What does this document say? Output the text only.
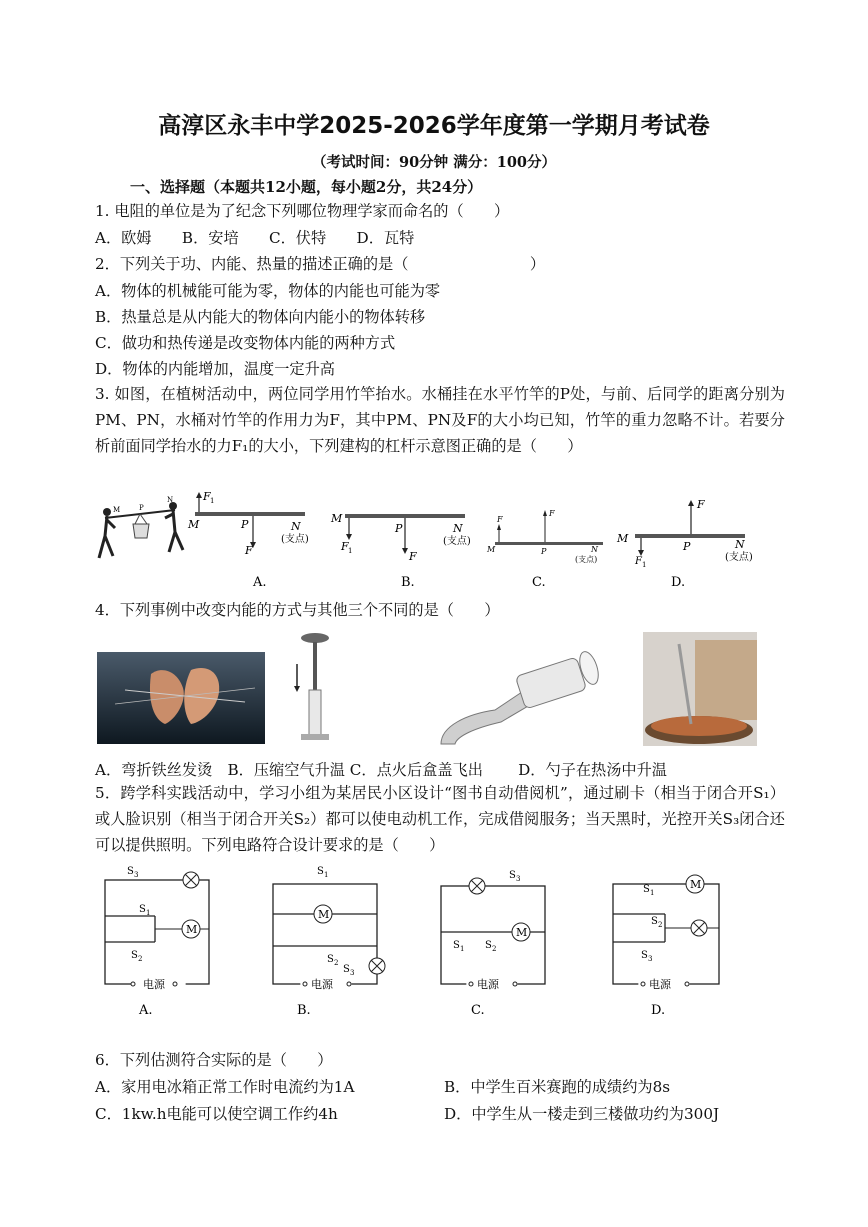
高淳区永丰中学2025-2026学年度第一学期月考试卷
（考试时间：90分钟 满分：100分）
一、选择题（本题共12小题，每小题2分，共24分）
1. 电阻的单位是为了纪念下列哪位物理学家而命名的（　　）
A．欧姆　　B．安培　　C．伏特　　D．瓦特
2．下列关于功、内能、热量的描述正确的是（　　　　　　　　）
A．物体的机械能可能为零，物体的内能也可能为零
B．热量总是从内能大的物体向内能小的物体转移
C．做功和热传递是改变物体内能的两种方式
D．物体的内能增加，温度一定升高
3. 如图，在植树活动中，两位同学用竹竿抬水。水桶挂在水平竹竿的P处，与前、后同学的距离分别为PM、PN，水桶对竹竿的作用力为F，其中PM、PN及F的大小均已知，竹竿的重力忽略不计。若要分析前面同学抬水的力F₁的大小，下列建构的杠杆示意图正确的是（　　）
M
N
P
F 1
M	P
F
N
(支点)
A.
M
F 1
P
F
N
(支点)
B.
F
M
F
P	N
(支点)
C.
M
F 1
F
P	N
(支点)
D.
4．下列事例中改变内能的方式与其他三个不同的是（　　）
A．弯折铁丝发烫　B．压缩空气升温 C．点火后盒盖飞出　　 D．勺子在热汤中升温
5．跨学科实践活动中，学习小组为某居民小区设计“图书自动借阅机”，通过刷卡（相当于闭合开S₁）或人脸识别（相当于闭合开关S₂）都可以使电动机工作，完成借阅服务；当天黑时，光控开关S₃闭合还可以提供照明。下列电路符合设计要求的是（　　）
M
S 3
S 1
S 2
电源
A.
M
S 1
S 2
S 3
电源
B.
M
S 3
S 1 S 2
电源
C.
M
S 1
S 2
S 3
电源
D.
6．下列估测符合实际的是（　　）
A．家用电冰箱正常工作时电流约为1A	B．中学生百米赛跑的成绩约为8s
C．1kw.h电能可以使空调工作约4h	D．中学生从一楼走到三楼做功约为300J
